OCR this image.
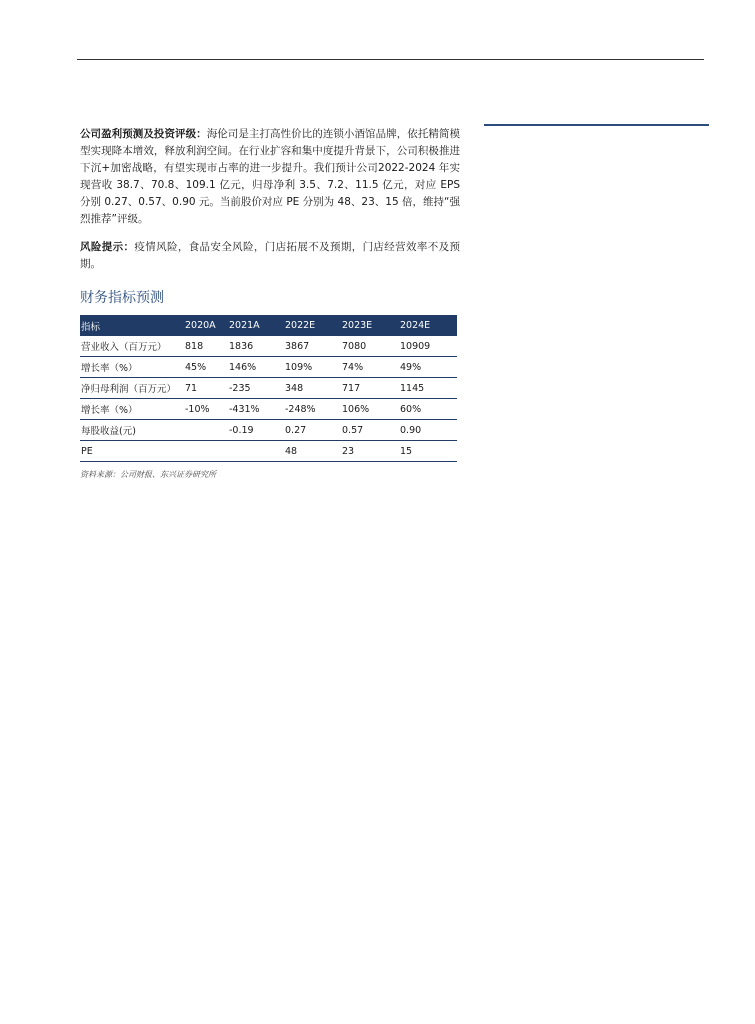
公司盈利预测及投资评级：海伦司是主打高性价比的连锁小酒馆品牌，依托精简模型实现降本增效，释放利润空间。在行业扩容和集中度提升背景下，公司积极推进下沉+加密战略，有望实现市占率的进一步提升。我们预计公司2022-2024 年实现营收 38.7、70.8、109.1 亿元，归母净利 3.5、7.2、11.5 亿元，对应 EPS 分别 0.27、0.57、0.90 元。当前股价对应 PE 分别为 48、23、15 倍，维持“强烈推荐”评级。

风险提示：疫情风险，食品安全风险，门店拓展不及预期，门店经营效率不及预期。

财务指标预测
指标	2020A	2021A	2022E	2023E	2024E
营业收入（百万元）	818	1836	3867	7080	10909
增长率（%）	45%	146%	109%	74%	49%
净归母利润（百万元）	71	-235	348	717	1145
增长率（%）	-10%	-431%	-248%	106%	60%
每股收益(元)		-0.19	0.27	0.57	0.90
PE			48	23	15
资料来源：公司财报、东兴证券研究所
